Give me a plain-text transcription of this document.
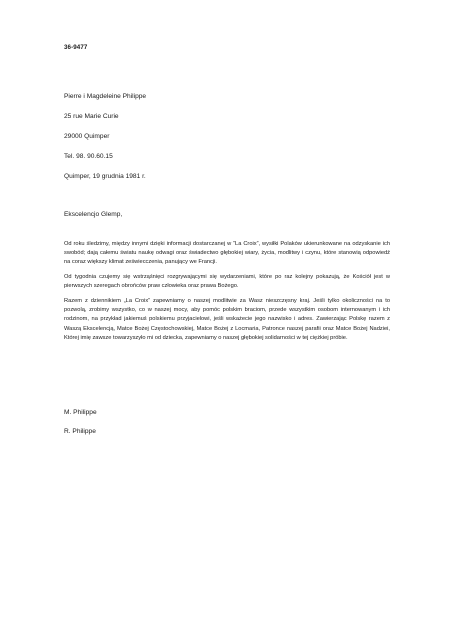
36-9477
Pierre i Magdeleine Philippe
25 rue Marie Curie
29000 Quimper
Tel. 98. 90.60.15
Quimper, 19 grudnia 1981 r.
Ekscelencjo Glemp,

Od roku śledzimy, między innymi dzięki informacji dostarczanej w “La Croix”, wysiłki Polaków ukierunkowane na odzyskanie ich swobód; dają całemu światu naukę odwagi oraz świadectwo głębokiej wiary, życia, modlitwy i czynu, które stanowią odpowiedź na coraz większy klimat zeświecczenia, panujący we Francji.

Od tygodnia czujemy się wstrząśnięci rozgrywającymi się wydarzeniami, które po raz kolejny pokazują, że Kościół jest w pierwszych szeregach obrońców praw człowieka oraz prawa Bożego.

Razem z dziennikiem „La Croix” zapewniamy o naszej modlitwie za Wasz nieszczęsny kraj. Jeśli tylko okoliczności na to pozwolą, zrobimy wszystko, co w naszej mocy, aby pomóc polskim braciom, przede wszystkim osobom internowanym i ich rodzinom, na przykład jakiemuś polskiemu przyjacielowi, jeśli wskażecie jego nazwisko i adres. Zawierzając Polskę razem z Waszą Ekscelencją, Matce Bożej Częstochowskiej, Matce Bożej z Locmaria, Patronce naszej parafii oraz Matce Bożej Nadziei, Której imię zawsze towarzyszyło mi od dziecka, zapewniamy o naszej głębokiej solidarności w tej ciężkiej próbie.

M. Philippe
R. Philippe
